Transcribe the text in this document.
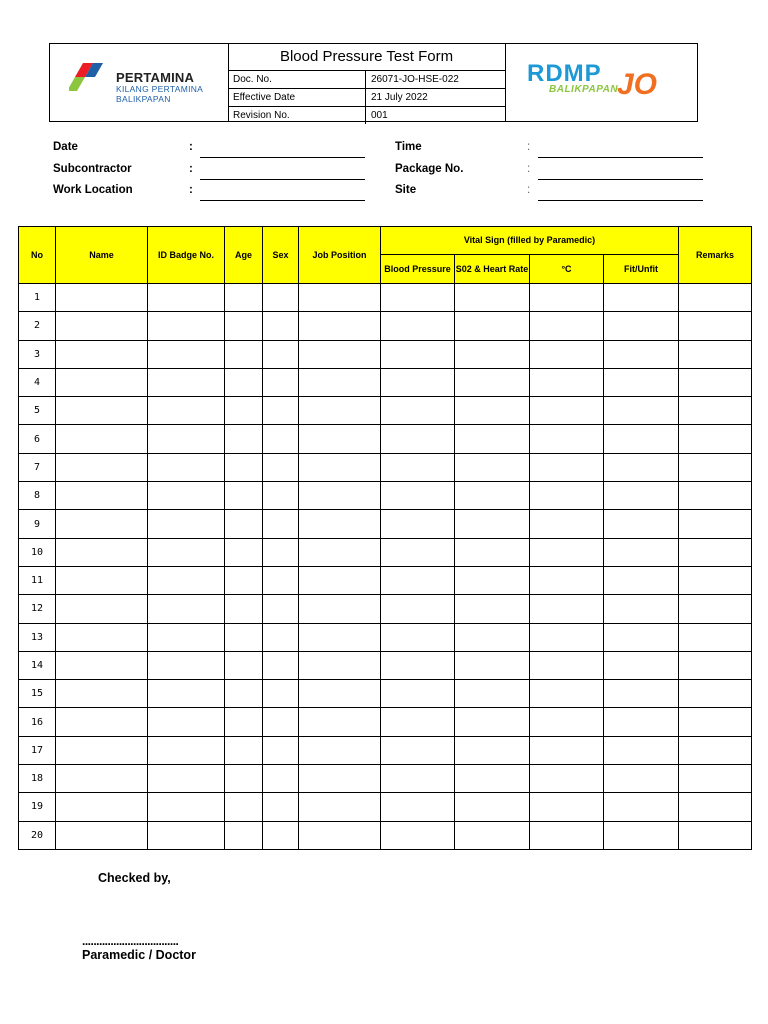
PERTAMINA
KILANG PERTAMINA
BALIKPAPAN
Blood Pressure Test Form
Doc. No.	26071-JO-HSE-022
Effective Date	21 July 2022
Revision No.	001
RDMP
BALIKPAPAN
JO
Date	:
Subcontractor	:
Work Location	:
Time	:
Package No.	:
Site	:
No	Name	ID Badge No.	Age	Sex	Job Position	Vital Sign (filled by Paramedic)				Remarks
						Blood Pressure	S02 & Heart Rate	°C	Fit/Unfit	
1										
2										
3										
4										
5										
6										
7										
8										
9										
10										
11										
12										
13										
14										
15										
16										
17										
18										
19										
20										
Checked by,
..................................
Paramedic / Doctor
